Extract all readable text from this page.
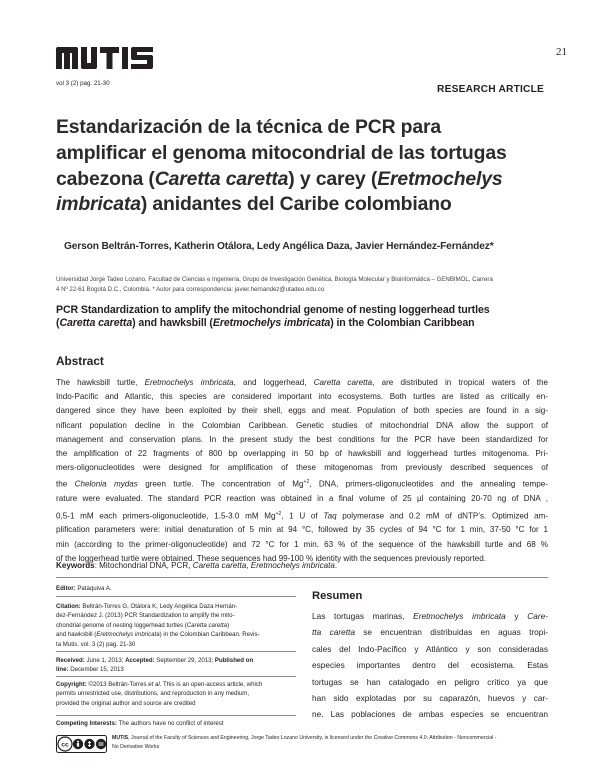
21
vol 3 (2) pag. 21-30
RESEARCH ARTICLE
Estandarización de la técnica de PCR para
amplificar el genoma mitocondrial de las tortugas
cabezona (Caretta caretta) y carey (Eretmochelys
imbricata) anidantes del Caribe colombiano
Gerson Beltrán-Torres, Katherin Otálora, Ledy Angélica Daza, Javier Hernández-Fernández*
Universidad Jorge Tadeo Lozano, Facultad de Ciencias e Ingeniería, Grupo de Investigación Genética, Biología Molecular y Bioinformática – GENBIMOL, Carrera
4 Nº 22-61 Bogotá D.C., Colombia. * Autor para correspondencia: javier.hernandez@utadeo.edu.co
PCR Standardization to amplify the mitochondrial genome of nesting loggerhead turtles
(Caretta caretta) and hawksbill (Eretmochelys imbricata) in the Colombian Caribbean
Abstract
The hawksbill turtle, Eretmochelys imbricata, and loggerhead, Caretta caretta, are distributed in tropical waters of the
Indo-Pacific and Atlantic, this species are considered important into ecosystems. Both turtles are listed as critically en-
dangered since they have been exploited by their shell, eggs and meat. Population of both species are found in a sig-
nificant population decline in the Colombian Caribbean. Genetic studies of mitochondrial DNA allow the support of
management and conservation plans. In the present study the best conditions for the PCR have been standardized for
the amplification of 22 fragments of 800 bp overlapping in 50 bp of hawksbill and loggerhead turtles mitogenoma. Pri-
mers-oligonucleotides were designed for amplification of these mitogenomas from previously described sequences of
the Chelonia mydas green turtle. The concentration of $Mg^{+2}$, DNA, primers-oligonucleotides and the annealing tempe-
rature were evaluated. The standard PCR reaction was obtained in a final volume of 25 µl containing 20-70 ng of DNA ,
0,5-1 mM each primers-oligonucleotide, 1.5-3.0 mM $Mg^{+2}$, 1 U of Taq polymerase and 0.2 mM of dNTP’s. Optimized am-
plification parameters were: initial denaturation of 5 min at 94 °C, followed by 35 cycles of 94 °C for 1 min, 37-50 °C for 1
min (according to the primer-oligonucleotide) and 72 °C for 1 min. 63 % of the sequence of the hawksbill turtle and 68 %
of the loggerhead turtle were obtained. These sequences had 99-100 % identity with the sequences previously reported.
Keywords: Mitochondrial DNA, PCR, Caretta caretta, Eretmochelys imbricata.
Editor: Pataquiva A.
Citation: Beltrán-Torres G, Otálora K, Ledy Angélica Daza Hernán-
dez-Fernández J. (2013) PCR Standardization to amplify the mito-
chondrial genome of nesting loggerhead turtles (Caretta caretta)
and hawksbill (Eretmochelys imbricata) in the Colombian Caribbean. Revis-
ta Mutis. vol. 3 (2) pag. 21-30
Received: June 1, 2013; Accepted: September 29, 2013; Published on
line: December 15, 2013
Copyright: ©2013 Beltrán-Torres et al. This is an open-access article, which
permits unrestricted use, distributions, and reproduction in any medium,
provided the original author and source are credited
Competing Interests: The authors have no conflict of interest
Resumen
Las tortugas marinas, Eretmochelys imbricata y Care-
tta caretta se encuentran distribuidas en aguas tropi-
cales del Indo-Pacífico y Atlántico y son consideradas
especies importantes dentro del ecosistema. Estas
tortugas se han catalogado en peligro crítico ya que
han sido explotadas por su caparazón, huevos y car-
ne. Las poblaciones de ambas especies se encuentran
cc
MUTIS, Journal of the Faculty of Sciences and Engineering, Jorge Tadeo Lozano University, is licensed under the Creative Commons 4.0: Attribution - Noncommercial -
No Derivative Works
